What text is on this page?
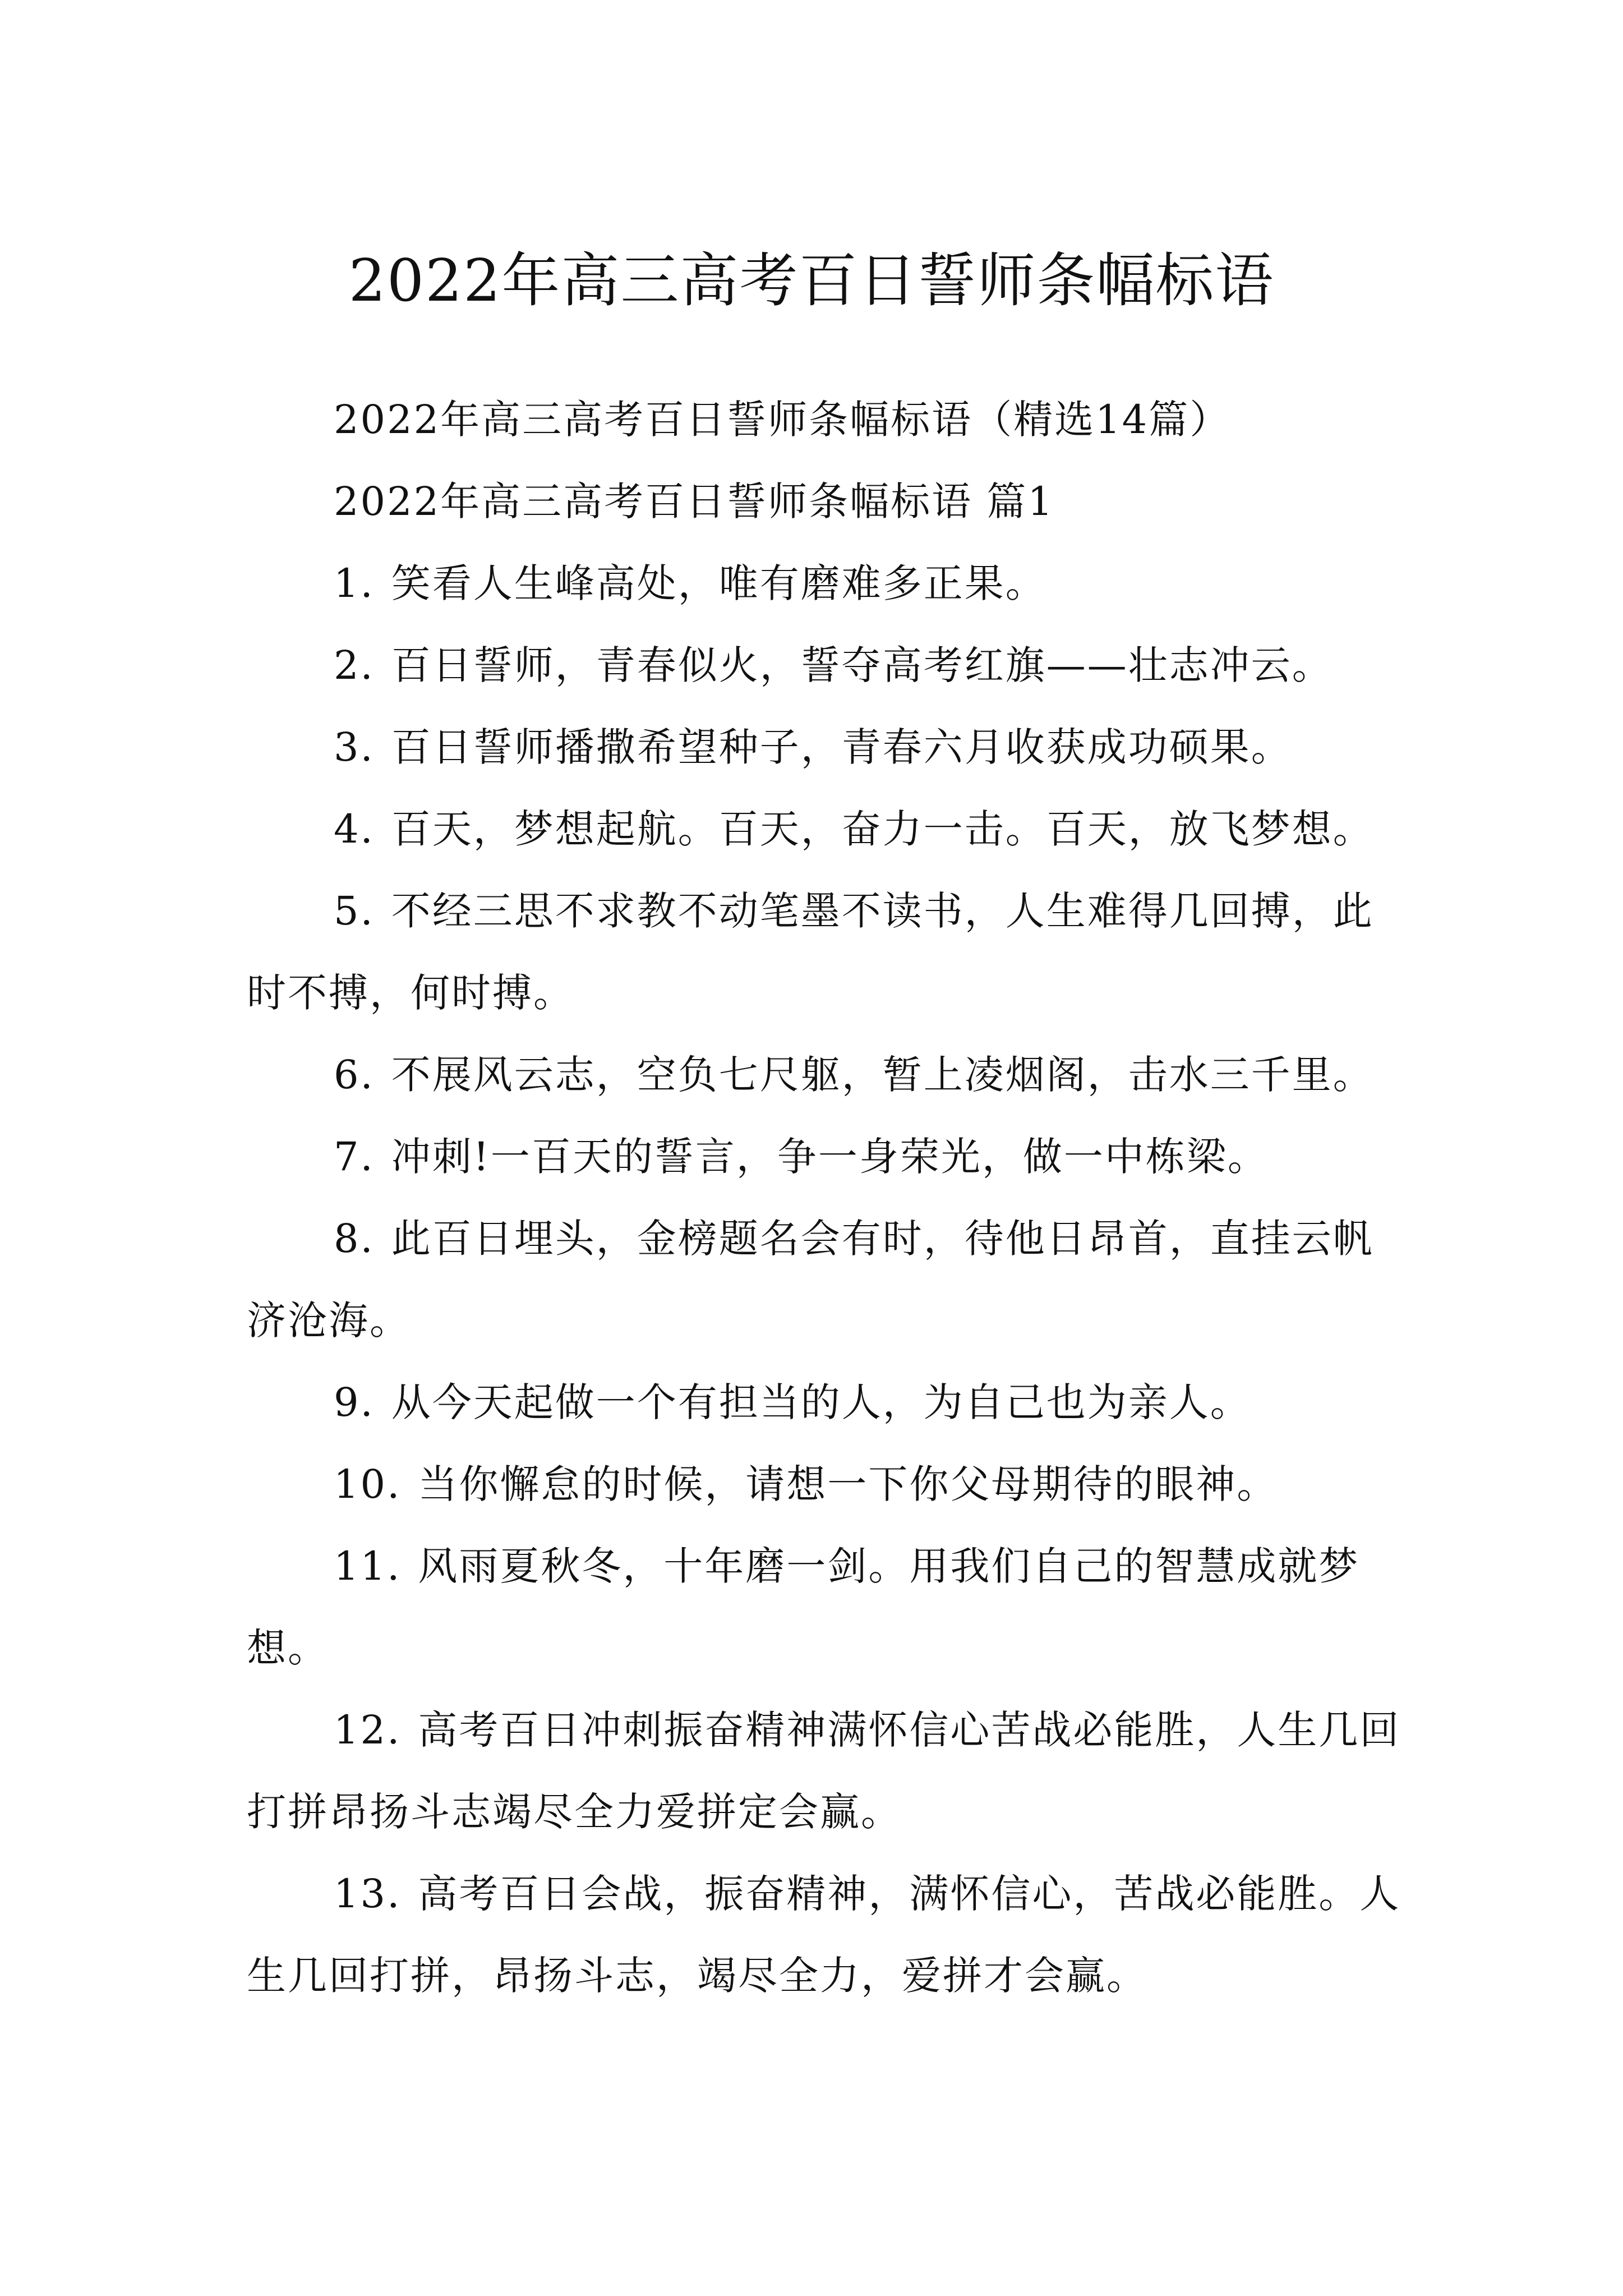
2022年高三高考百日誓师条幅标语

2022年高三高考百日誓师条幅标语（精选14篇）

2022年高三高考百日誓师条幅标语 篇1

1. 笑看人生峰高处，唯有磨难多正果。

2. 百日誓师，青春似火，誓夺高考红旗——壮志冲云。

3. 百日誓师播撒希望种子，青春六月收获成功硕果。

4. 百天，梦想起航。百天，奋力一击。百天，放飞梦想。

5. 不经三思不求教不动笔墨不读书，人生难得几回搏，此时不搏，何时搏。

6. 不展风云志，空负七尺躯，暂上凌烟阁，击水三千里。

7. 冲刺!一百天的誓言，争一身荣光，做一中栋梁。

8. 此百日埋头，金榜题名会有时，待他日昂首，直挂云帆济沧海。

9. 从今天起做一个有担当的人，为自己也为亲人。

10. 当你懈怠的时候，请想一下你父母期待的眼神。

11. 风雨夏秋冬，十年磨一剑。用我们自己的智慧成就梦想。

12. 高考百日冲刺振奋精神满怀信心苦战必能胜，人生几回打拼昂扬斗志竭尽全力爱拼定会赢。

13. 高考百日会战，振奋精神，满怀信心，苦战必能胜。人生几回打拼，昂扬斗志，竭尽全力，爱拼才会赢。
